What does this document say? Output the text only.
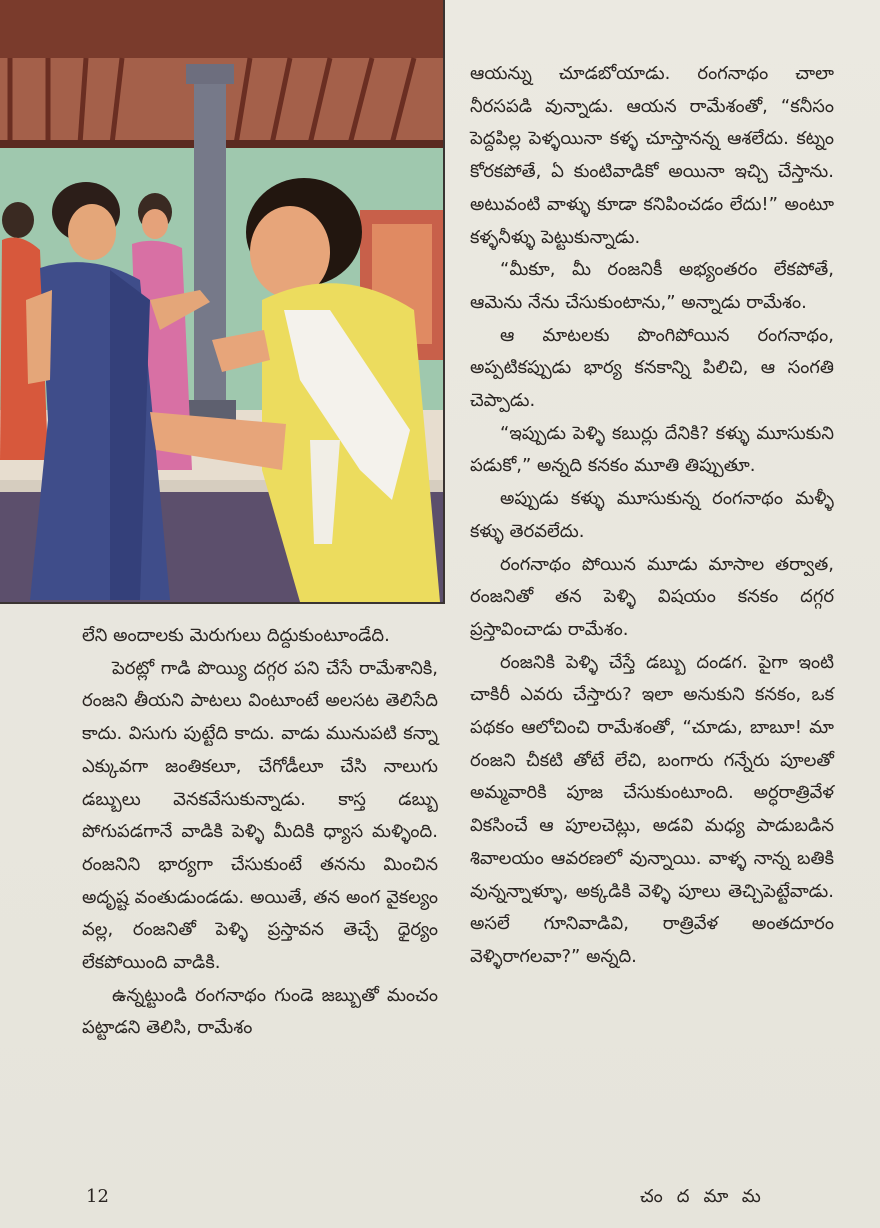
లేని అందాలకు మెరుగులు దిద్దుకుంటూండేది.

పెరట్లో గాడి పొయ్యి దగ్గర పని చేసే రామేశానికి, రంజని తీయని పాటలు వింటూంటే అలసట తెలిసేది కాదు. విసుగు పుట్టేది కాదు. వాడు మునుపటి కన్నా ఎక్కువగా జంతికలూ, చేగోడీలూ చేసి నాలుగు డబ్బులు వెనకవేసుకున్నాడు. కాస్త డబ్బు పోగుపడగానే వాడికి పెళ్ళి మీదికి ధ్యాస మళ్ళింది. రంజనిని భార్యగా చేసుకుంటే తనను మించిన అదృష్ట వంతుడుండడు. అయితే, తన అంగ వైకల్యం వల్ల, రంజనితో పెళ్ళి ప్రస్తావన తెచ్చే ధైర్యం లేకపోయింది వాడికి.

ఉన్నట్టుండి రంగనాథం గుండె జబ్బుతో మంచం పట్టాడని తెలిసి, రామేశం

ఆయన్ను చూడబోయాడు. రంగనాథం చాలా నీరసపడి వున్నాడు. ఆయన రామేశంతో, “కనీసం పెద్దపిల్ల పెళ్ళయినా కళ్ళ చూస్తానన్న ఆశలేదు. కట్నం కోరకపోతే, ఏ కుంటివాడికో అయినా ఇచ్చి చేస్తాను. అటువంటి వాళ్ళు కూడా కనిపించడం లేదు!” అంటూ కళ్ళనీళ్ళు పెట్టుకున్నాడు.

“మీకూ, మీ రంజనికీ అభ్యంతరం లేకపోతే, ఆమెను నేను చేసుకుంటాను,” అన్నాడు రామేశం.

ఆ మాటలకు పొంగిపోయిన రంగనాథం, అప్పటికప్పుడు భార్య కనకాన్ని పిలిచి, ఆ సంగతి చెప్పాడు.

“ఇప్పుడు పెళ్ళి కబుర్లు దేనికి? కళ్ళు మూసుకుని పడుకో,” అన్నది కనకం మూతి తిప్పుతూ.

అప్పుడు కళ్ళు మూసుకున్న రంగనాథం మళ్ళీ కళ్ళు తెరవలేదు.

రంగనాథం పోయిన మూడు మాసాల తర్వాత, రంజనితో తన పెళ్ళి విషయం కనకం దగ్గర ప్రస్తావించాడు రామేశం.

రంజనికి పెళ్ళి చేస్తే డబ్బు దండగ. పైగా ఇంటి చాకిరీ ఎవరు చేస్తారు? ఇలా అనుకుని కనకం, ఒక పథకం ఆలోచించి రామేశంతో, “చూడు, బాబూ! మా రంజని చీకటి తోటే లేచి, బంగారు గన్నేరు పూలతో అమ్మవారికి పూజ చేసుకుంటూంది. అర్ధరాత్రివేళ వికసించే ఆ పూలచెట్లు, అడవి మధ్య పాడుబడిన శివాలయం ఆవరణలో వున్నాయి. వాళ్ళ నాన్న బతికి వున్నన్నాళ్ళూ, అక్కడికి వెళ్ళి పూలు తెచ్చిపెట్టేవాడు. అసలే గూనివాడివి, రాత్రివేళ అంతదూరం వెళ్ళిరాగలవా?” అన్నది.

12	చందమామ
